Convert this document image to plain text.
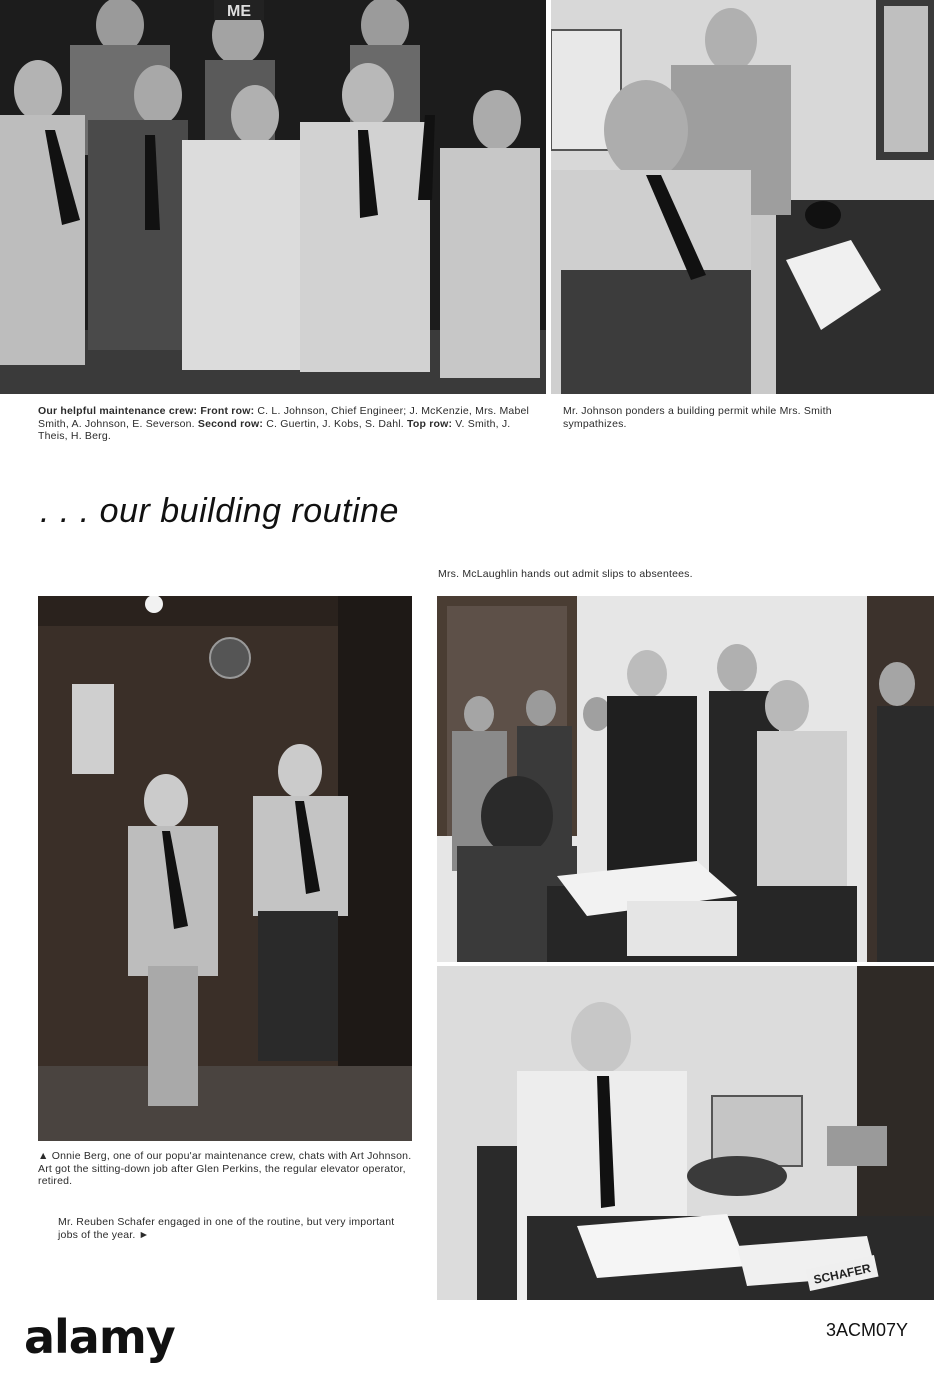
ME
Our helpful maintenance crew: Front row: C. L. Johnson, Chief Engineer; J. McKenzie, Mrs. Mabel Smith, A. Johnson, E. Severson. Second row: C. Guertin, J. Kobs, S. Dahl. Top row: V. Smith, J. Theis, H. Berg.
Mr. Johnson ponders a building permit while Mrs. Smith sympathizes.
. . . our building routine
Mrs. McLaughlin hands out admit slips to absentees.
SCHAFER
▲ Onnie Berg, one of our popu'ar maintenance crew, chats with Art Johnson. Art got the sitting-down job after Glen Perkins, the regular elevator operator, retired.
Mr. Reuben Schafer engaged in one of the routine, but very important jobs of the year. ►
alamy	3ACM07Y
